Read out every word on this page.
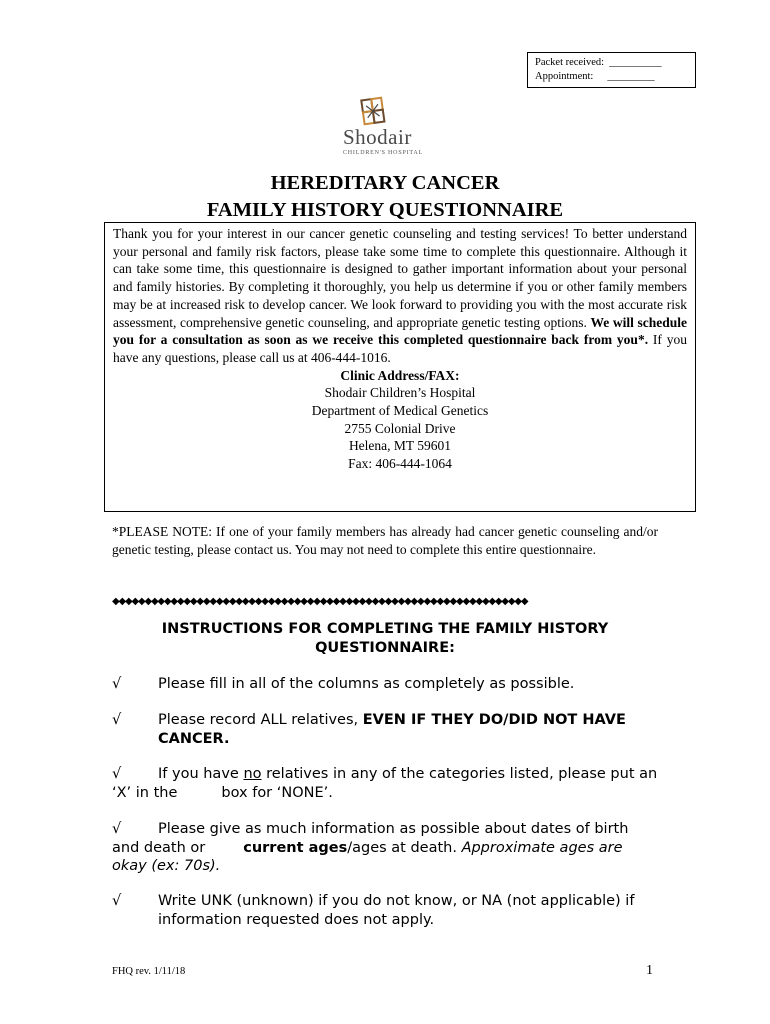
Packet received: __________
Appointment: _________
Shodair
CHILDREN'S HOSPITAL
HEREDITARY CANCER
FAMILY HISTORY QUESTIONNAIRE

Thank you for your interest in our cancer genetic counseling and testing services! To better understand your personal and family risk factors, please take some time to complete this questionnaire. Although it can take some time, this questionnaire is designed to gather important information about your personal and family histories. By completing it thoroughly, you help us determine if you or other family members may be at increased risk to develop cancer. We look forward to providing you with the most accurate risk assessment, comprehensive genetic counseling, and appropriate genetic testing options. We will schedule you for a consultation as soon as we receive this completed questionnaire back from you*. If you have any questions, please call us at 406-444-1016.

Clinic Address/FAX:
Shodair Children’s Hospital
Department of Medical Genetics
2755 Colonial Drive
Helena, MT 59601
Fax: 406-444-1064

*PLEASE NOTE: If one of your family members has already had cancer genetic counseling and/or genetic testing, please contact us. You may not need to complete this entire questionnaire.

◆◆◆◆◆◆◆◆◆◆◆◆◆◆◆◆◆◆◆◆◆◆◆◆◆◆◆◆◆◆◆◆◆◆◆◆◆◆◆◆◆◆◆◆◆◆◆◆◆◆◆◆◆◆◆◆◆◆◆◆◆◆◆◆
INSTRUCTIONS FOR COMPLETING THE FAMILY HISTORY QUESTIONNAIRE:
√	Please fill in all of the columns as completely as possible.
√	Please record ALL relatives, EVEN IF THEY DO/DID NOT HAVE CANCER.
√	If you have no relatives in any of the categories listed, please put an ‘X’ in the	box for ‘NONE’.
√	Please give as much information as possible about dates of birth and death or	current ages/ages at death. Approximate ages are okay (ex: 70s).
√	Write UNK (unknown) if you do not know, or NA (not applicable) if information requested does not apply.
FHQ rev. 1/11/18	1
